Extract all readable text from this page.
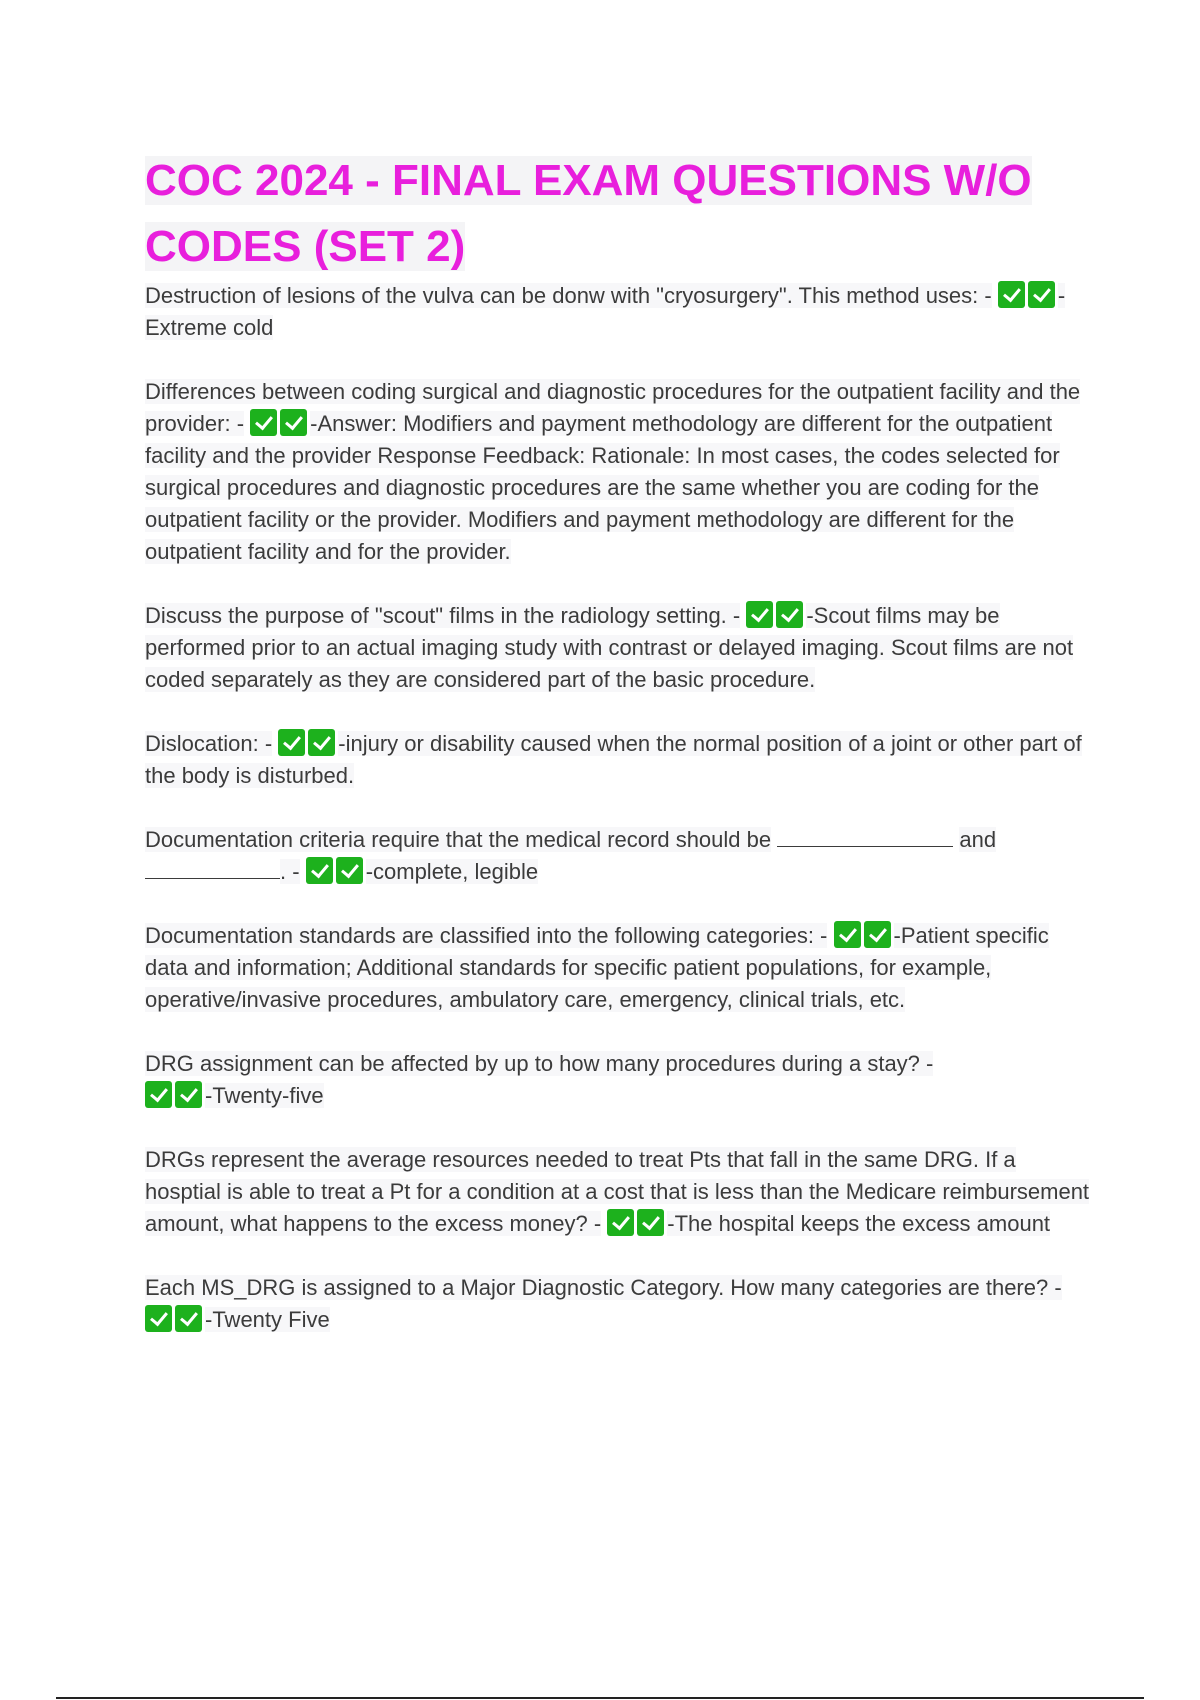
COC 2024 - FINAL EXAM QUESTIONS W/O
CODES (SET 2)

Destruction of lesions of the vulva can be donw with "cryosurgery". This method uses: -	-Extreme cold

Differences between coding surgical and diagnostic procedures for the outpatient facility and the provider: -	-Answer: Modifiers and payment methodology are different for the outpatient facility and the provider Response Feedback: Rationale: In most cases, the codes selected for surgical procedures and diagnostic procedures are the same whether you are coding for the outpatient facility or the provider. Modifiers and payment methodology are different for the outpatient facility and for the provider.

Discuss the purpose of "scout" films in the radiology setting. -	-Scout films may be performed prior to an actual imaging study with contrast or delayed imaging. Scout films are not coded separately as they are considered part of the basic procedure.

Dislocation: -	-injury or disability caused when the normal position of a joint or other part of the body is disturbed.

Documentation criteria require that the medical record should be	and
. -	-complete, legible

Documentation standards are classified into the following categories: -	-Patient specific data and information; Additional standards for specific patient populations, for example, operative/invasive procedures, ambulatory care, emergency, clinical trials, etc.

DRG assignment can be affected by up to how many procedures during a stay? -
-Twenty-five

DRGs represent the average resources needed to treat Pts that fall in the same DRG. If a hosptial is able to treat a Pt for a condition at a cost that is less than the Medicare reimbursement amount, what happens to the excess money? -	-The hospital keeps the excess amount

Each MS_DRG is assigned to a Major Diagnostic Category. How many categories are there? - -Twenty Five
